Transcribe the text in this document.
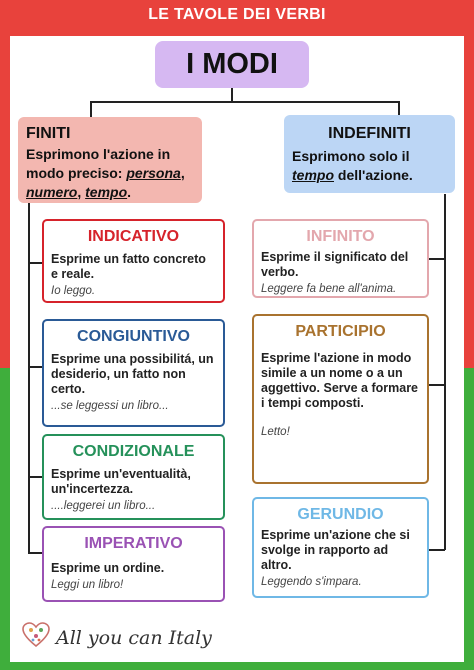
LE TAVOLE DEI VERBI
I MODI
FINITI
Esprimono l'azione in modo preciso: persona, numero, tempo.
INDEFINITI
Esprimono solo il tempo dell'azione.
INDICATIVO
Esprime un fatto concreto e reale.
Io leggo.
CONGIUNTIVO
Esprime una possibilitá, un desiderio, un fatto non certo.
...se leggessi un libro...
CONDIZIONALE
Esprime un'eventualità, un'incertezza.
....leggerei un libro...
IMPERATIVO
Esprime un ordine.
Leggi un libro!
INFINITO
Esprime il significato del verbo.
Leggere fa bene all'anima.
PARTICIPIO
Esprime l'azione in modo simile a un nome o a un aggettivo. Serve a formare i tempi composti.
Letto!
GERUNDIO
Esprime un'azione che si svolge in rapporto ad altro.
Leggendo s'impara.
All you can Italy
